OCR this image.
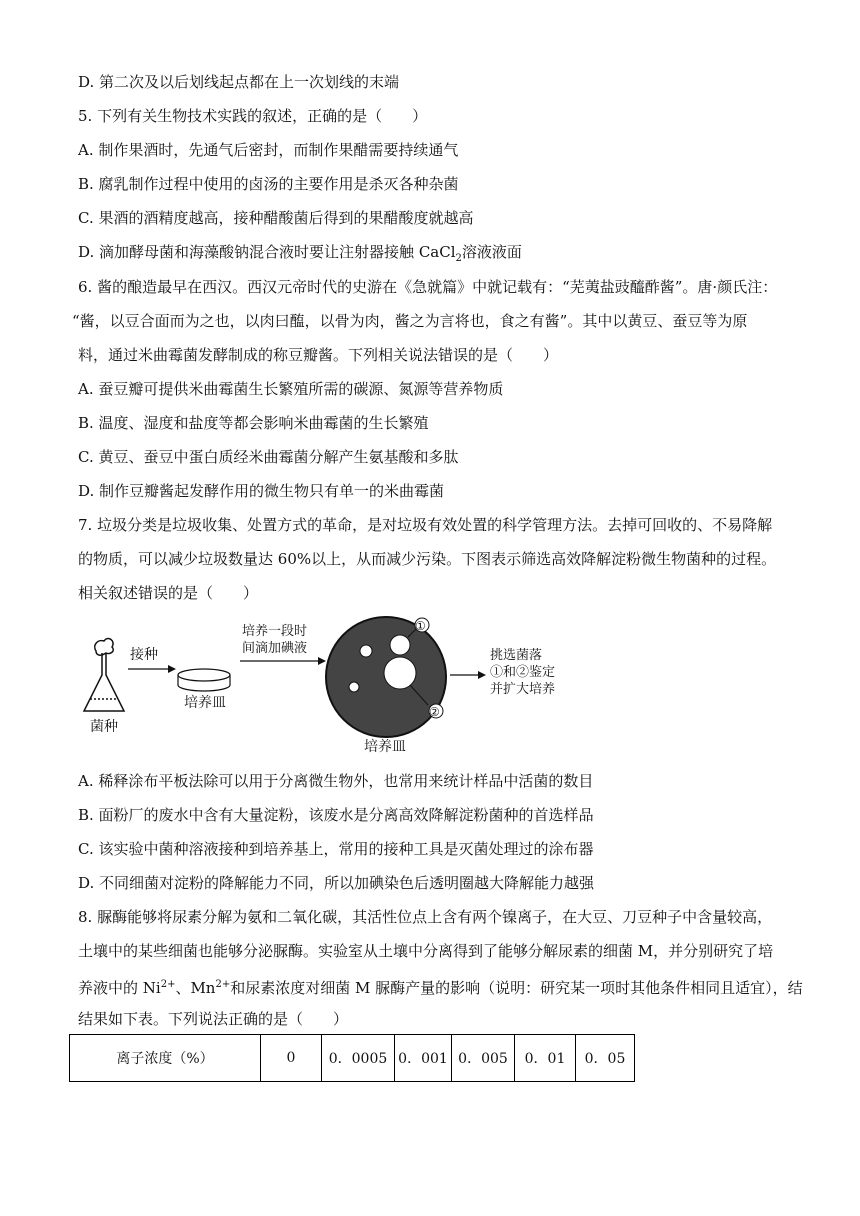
D. 第二次及以后划线起点都在上一次划线的末端
5. 下列有关生物技术实践的叙述，正确的是（　　）
A. 制作果酒时，先通气后密封，而制作果醋需要持续通气
B. 腐乳制作过程中使用的卤汤的主要作用是杀灭各种杂菌
C. 果酒的酒精度越高，接种醋酸菌后得到的果醋酸度就越高
D. 滴加酵母菌和海藻酸钠混合液时要让注射器接触 CaCl$_2$溶液液面
6. 酱的酿造最早在西汉。西汉元帝时代的史游在《急就篇》中就记载有：“芜荑盐豉醯酢酱”。唐·颜氏注：
“酱，以豆合面而为之也，以肉曰醢，以骨为肉，酱之为言将也，食之有酱”。其中以黄豆、蚕豆等为原
料，通过米曲霉菌发酵制成的称豆瓣酱。下列相关说法错误的是（　　）
A. 蚕豆瓣可提供米曲霉菌生长繁殖所需的碳源、氮源等营养物质
B. 温度、湿度和盐度等都会影响米曲霉菌的生长繁殖
C. 黄豆、蚕豆中蛋白质经米曲霉菌分解产生氨基酸和多肽
D. 制作豆瓣酱起发酵作用的微生物只有单一的米曲霉菌
7. 垃圾分类是垃圾收集、处置方式的革命，是对垃圾有效处置的科学管理方法。去掉可回收的、不易降解
的物质，可以减少垃圾数量达 60%以上，从而减少污染。下图表示筛选高效降解淀粉微生物菌种的过程。
相关叙述错误的是（　　）
菌种
接种
培养皿
培养一段时
间滴加碘液
①
②
培养皿
挑选菌落
①和②鉴定
并扩大培养
A. 稀释涂布平板法除可以用于分离微生物外，也常用来统计样品中活菌的数目
B. 面粉厂的废水中含有大量淀粉，该废水是分离高效降解淀粉菌种的首选样品
C. 该实验中菌种溶液接种到培养基上，常用的接种工具是灭菌处理过的涂布器
D. 不同细菌对淀粉的降解能力不同，所以加碘染色后透明圈越大降解能力越强
8. 脲酶能够将尿素分解为氨和二氧化碳，其活性位点上含有两个镍离子，在大豆、刀豆种子中含量较高，
土壤中的某些细菌也能够分泌脲酶。实验室从土壤中分离得到了能够分解尿素的细菌 M，并分别研究了培
养液中的 $Ni^{2+}$、$Mn^{2+}$和尿素浓度对细菌 M 脲酶产量的影响（说明：研究某一项时其他条件相同且适宜），结
结果如下表。下列说法正确的是（　　）
离子浓度（%）	0	0．0005	0．001	0．005	0．01	0．05
